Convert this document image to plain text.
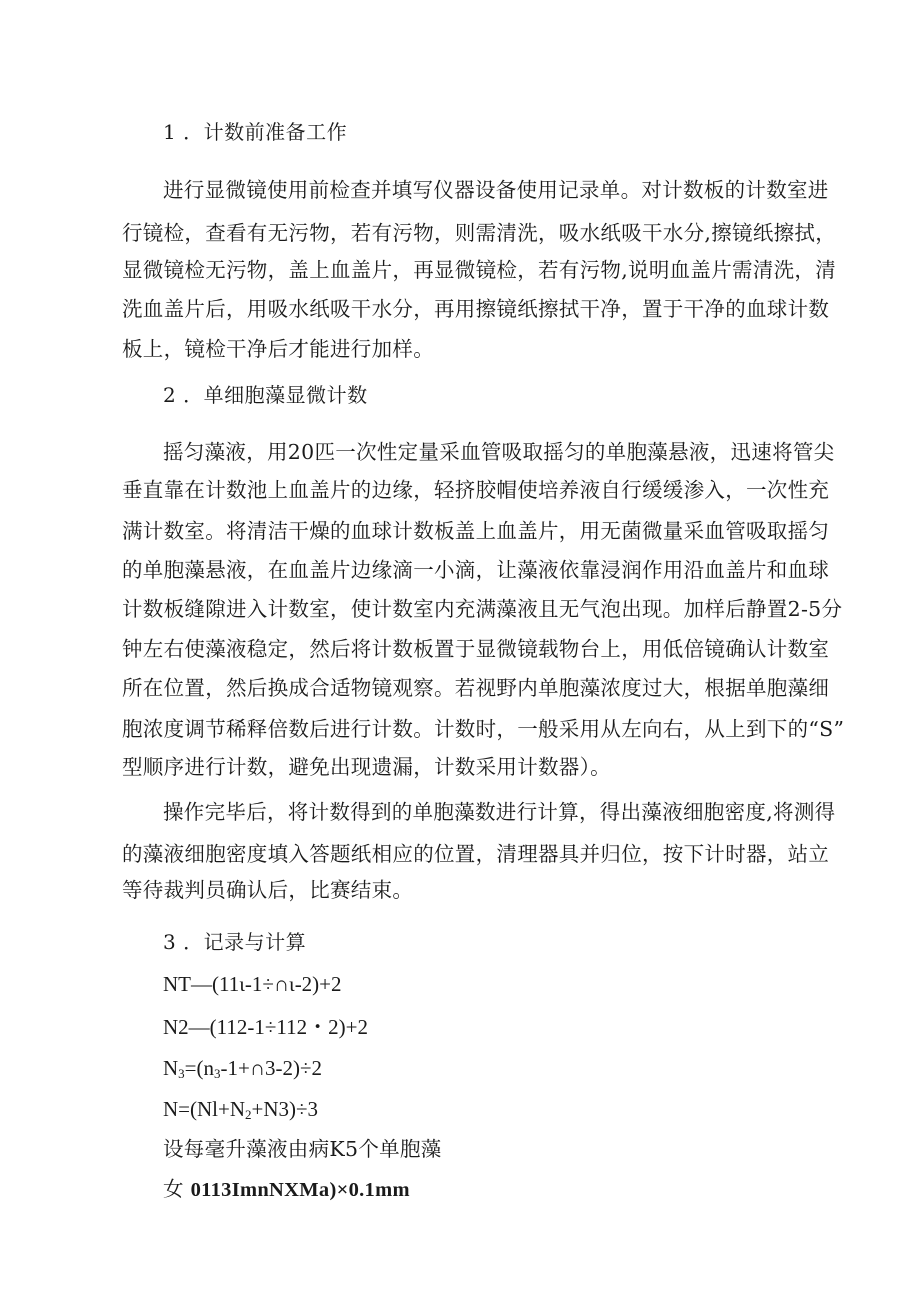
1 ．计数前准备工作
进行显微镜使用前检查并填写仪器设备使用记录单。对计数板的计数室进
行镜检，查看有无污物，若有污物，则需清洗，吸水纸吸干水分,擦镜纸擦拭，
显微镜检无污物，盖上血盖片，再显微镜检，若有污物,说明血盖片需清洗，清
洗血盖片后，用吸水纸吸干水分，再用擦镜纸擦拭干净，置于干净的血球计数
板上，镜检干净后才能进行加样。
2 ．单细胞藻显微计数
摇匀藻液，用20匹一次性定量采血管吸取摇匀的单胞藻悬液，迅速将管尖
垂直靠在计数池上血盖片的边缘，轻挤胶帽使培养液自行缓缓渗入，一次性充
满计数室。将清洁干燥的血球计数板盖上血盖片，用无菌微量采血管吸取摇匀
的单胞藻悬液，在血盖片边缘滴一小滴，让藻液依靠浸润作用沿血盖片和血球
计数板缝隙进入计数室，使计数室内充满藻液且无气泡出现。加样后静置2-5分
钟左右使藻液稳定，然后将计数板置于显微镜载物台上，用低倍镜确认计数室
所在位置，然后换成合适物镜观察。若视野内单胞藻浓度过大，根据单胞藻细
胞浓度调节稀释倍数后进行计数。计数时，一般采用从左向右，从上到下的“S”
型顺序进行计数，避免出现遗漏，计数采用计数器）。
操作完毕后，将计数得到的单胞藻数进行计算，得出藻液细胞密度,将测得
的藻液细胞密度填入答题纸相应的位置，清理器具并归位，按下计时器，站立
等待裁判员确认后，比赛结束。
3 ．记录与计算
NT—(11ι-1÷∩ι-2)+2
N2—(112-1÷112・2)+2
$N_3=(n_3-1+\cap 3-2)\div 2$
$N=(Nl+N_2+N3)\div 3$
设每毫升藻液由病K5个单胞藻
女 0113ImnNXMa)×0.1mm
